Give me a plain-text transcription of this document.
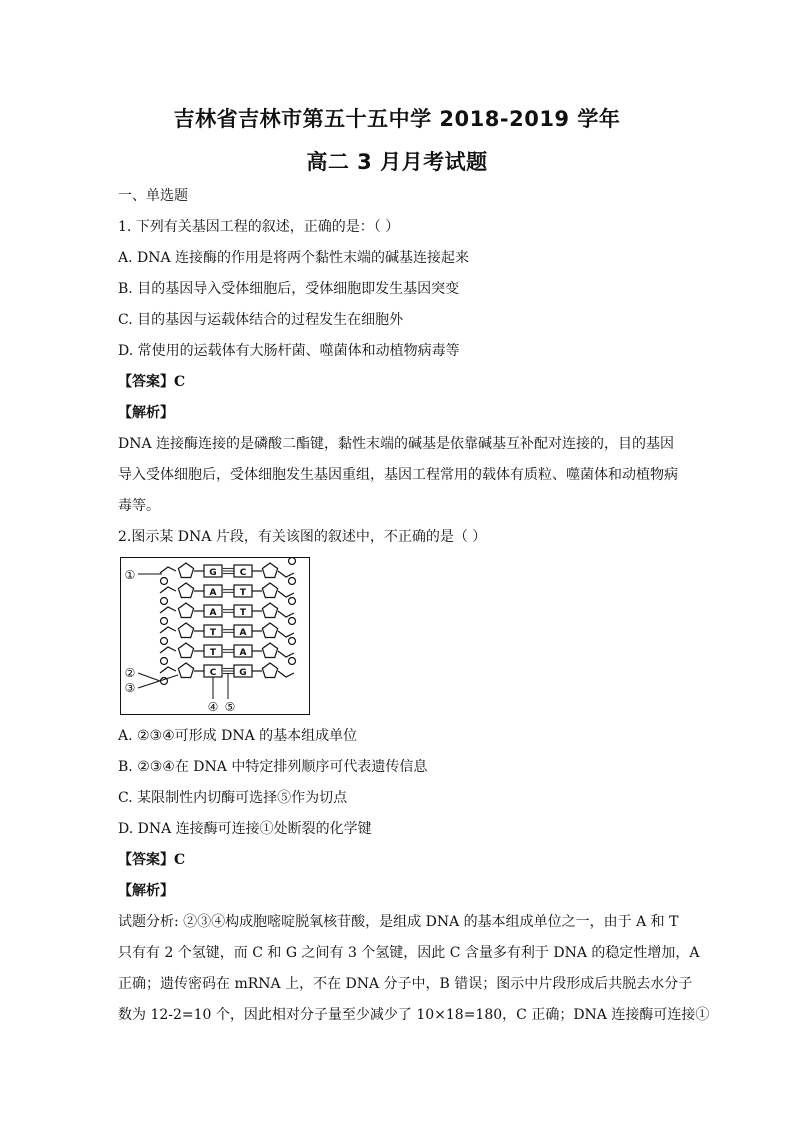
吉林省吉林市第五十五中学 2018-2019 学年
高二 3 月月考试题
一、单选题
1. 下列有关基因工程的叙述，正确的是：（ ）
A. DNA 连接酶的作用是将两个黏性末端的碱基连接起来
B. 目的基因导入受体细胞后，受体细胞即发生基因突变
C. 目的基因与运载体结合的过程发生在细胞外
D. 常使用的运载体有大肠杆菌、噬菌体和动植物病毒等
【答案】C
【解析】
DNA 连接酶连接的是磷酸二酯键，黏性末端的碱基是依靠碱基互补配对连接的，目的基因
导入受体细胞后，受体细胞发生基因重组，基因工程常用的载体有质粒、噬菌体和动植物病
毒等。
2.图示某 DNA 片段，有关该图的叙述中，不正确的是（ ）
G	C
A	T
A	T
T	A
T	A
C	G
①
②
③
④ ⑤
A. ②③④可形成 DNA 的基本组成单位
B. ②③④在 DNA 中特定排列顺序可代表遗传信息
C. 某限制性内切酶可选择⑤作为切点
D. DNA 连接酶可连接①处断裂的化学键
【答案】C
【解析】
试题分析: ②③④构成胞嘧啶脱氧核苷酸，是组成 DNA 的基本组成单位之一，由于 A 和 T
只有有 2 个氢键，而 C 和 G 之间有 3 个氢键，因此 C 含量多有利于 DNA 的稳定性增加，A
正确；遗传密码在 mRNA 上，不在 DNA 分子中，B 错误；图示中片段形成后共脱去水分子
数为 12-2=10 个，因此相对分子量至少减少了 10×18=180，C 正确；DNA 连接酶可连接①
